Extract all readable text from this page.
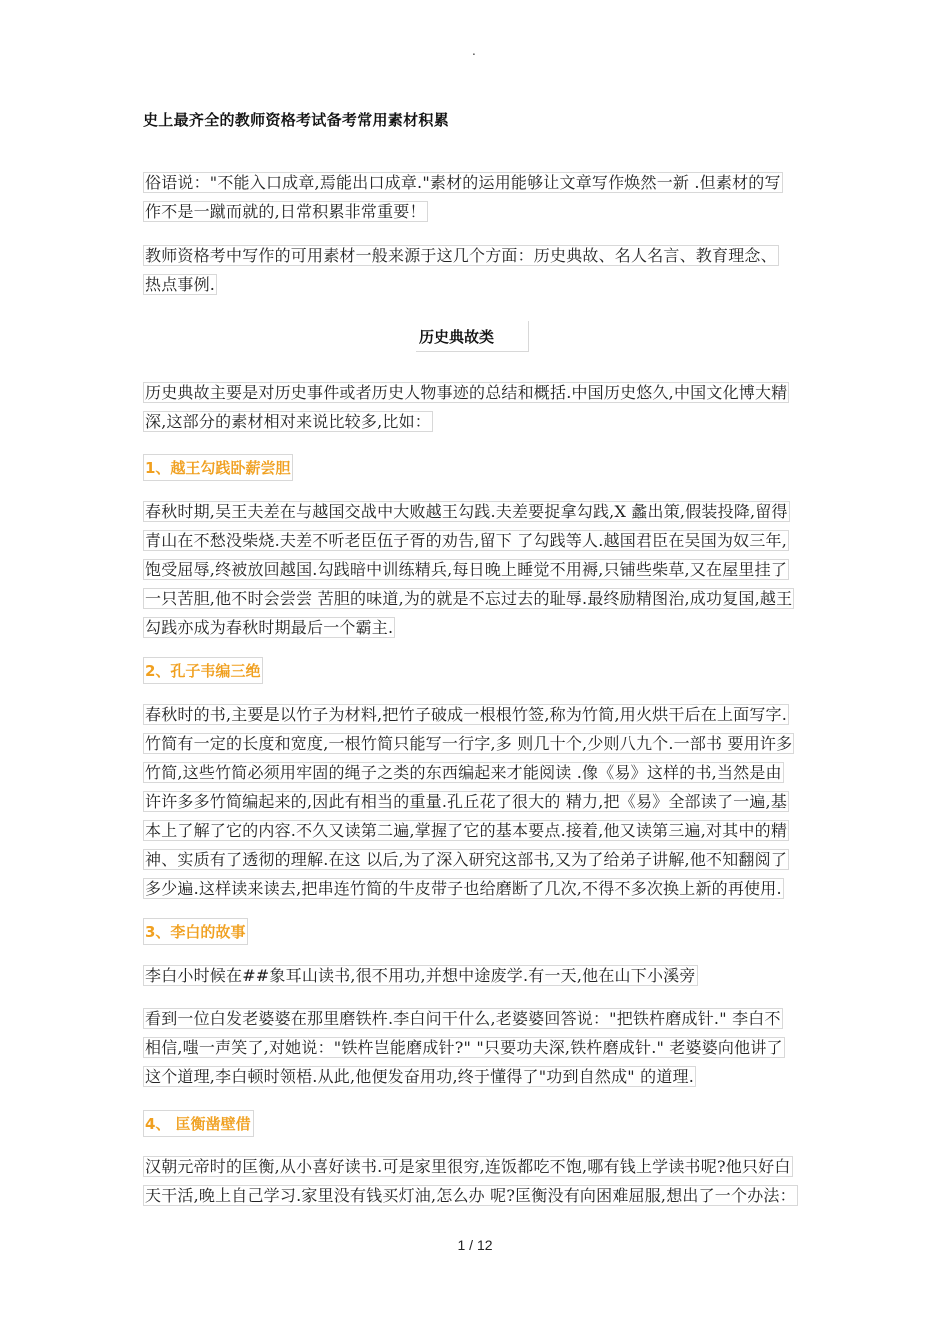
.
史上最齐全的教师资格考试备考常用素材积累
俗语说："不能入口成章,焉能出口成章."素材的运用能够让文章写作焕然一新 .但素材的写
作不是一蹴而就的,日常积累非常重要！
教师资格考中写作的可用素材一般来源于这几个方面：历史典故、名人名言、教育理念、
热点事例.
历史典故类
历史典故主要是对历史事件或者历史人物事迹的总结和概括.中国历史悠久,中国文化博大精
深,这部分的素材相对来说比较多,比如：
1、越王勾践卧薪尝胆
春秋时期,吴王夫差在与越国交战中大败越王勾践.夫差要捉拿勾践,X 蠡出策,假装投降,留得
青山在不愁没柴烧.夫差不听老臣伍子胥的劝告,留下 了勾践等人.越国君臣在吴国为奴三年,
饱受屈辱,终被放回越国.勾践暗中训练精兵,每日晚上睡觉不用褥,只铺些柴草,又在屋里挂了
一只苦胆,他不时会尝尝 苦胆的味道,为的就是不忘过去的耻辱.最终励精图治,成功复国,越王
勾践亦成为春秋时期最后一个霸主.
2、孔子韦编三绝
春秋时的书,主要是以竹子为材料,把竹子破成一根根竹签,称为竹简,用火烘干后在上面写字.
竹简有一定的长度和宽度,一根竹简只能写一行字,多 则几十个,少则八九个.一部书 要用许多
竹简,这些竹简必须用牢固的绳子之类的东西编起来才能阅读 .像《易》这样的书,当然是由
许许多多竹简编起来的,因此有相当的重量.孔丘花了很大的 精力,把《易》全部读了一遍,基
本上了解了它的内容.不久又读第二遍,掌握了它的基本要点.接着,他又读第三遍,对其中的精
神、实质有了透彻的理解.在这 以后,为了深入研究这部书,又为了给弟子讲解,他不知翻阅了
多少遍.这样读来读去,把串连竹简的牛皮带子也给磨断了几次,不得不多次换上新的再使用.
3、李白的故事
李白小时候在##象耳山读书,很不用功,并想中途废学.有一天,他在山下小溪旁
看到一位白发老婆婆在那里磨铁杵.李白问干什么,老婆婆回答说："把铁杵磨成针." 李白不
相信,嗤一声笑了,对她说："铁杵岂能磨成针?" "只要功夫深,铁杵磨成针." 老婆婆向他讲了
这个道理,李白顿时领梧.从此,他便发奋用功,终于懂得了"功到自然成" 的道理.
4、 匡衡凿壁借
汉朝元帝时的匡衡,从小喜好读书.可是家里很穷,连饭都吃不饱,哪有钱上学读书呢?他只好白
天干活,晚上自己学习.家里没有钱买灯油,怎么办 呢?匡衡没有向困难屈服,想出了一个办法：
1 / 12
